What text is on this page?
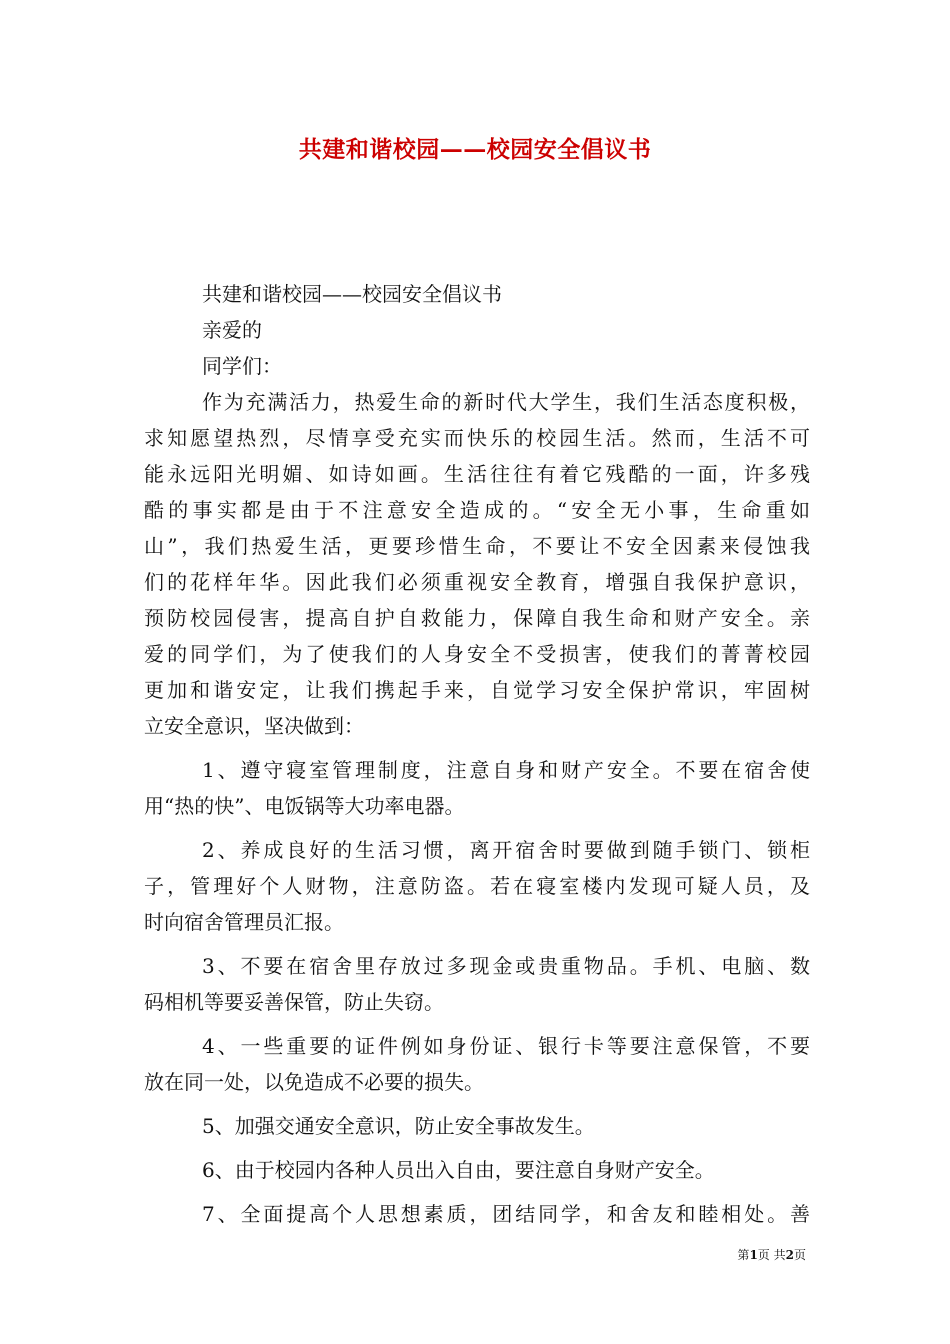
共建和谐校园——校园安全倡议书
共建和谐校园——校园安全倡议书
亲爱的
同学们：
作为充满活力，热爱生命的新时代大学生，我们生活态度积极，
求知愿望热烈，尽情享受充实而快乐的校园生活。然而，生活不可
能永远阳光明媚、如诗如画。生活往往有着它残酷的一面，许多残
酷的事实都是由于不注意安全造成的。“安全无小事，生命重如
山”，我们热爱生活，更要珍惜生命，不要让不安全因素来侵蚀我
们的花样年华。因此我们必须重视安全教育，增强自我保护意识，
预防校园侵害，提高自护自救能力，保障自我生命和财产安全。亲
爱的同学们，为了使我们的人身安全不受损害，使我们的菁菁校园
更加和谐安定，让我们携起手来，自觉学习安全保护常识，牢固树
立安全意识，坚决做到：
1、遵守寝室管理制度，注意自身和财产安全。不要在宿舍使
用“热的快”、电饭锅等大功率电器。
2、养成良好的生活习惯，离开宿舍时要做到随手锁门、锁柜
子，管理好个人财物，注意防盗。若在寝室楼内发现可疑人员，及
时向宿舍管理员汇报。
3、不要在宿舍里存放过多现金或贵重物品。手机、电脑、数
码相机等要妥善保管，防止失窃。
4、一些重要的证件例如身份证、银行卡等要注意保管，不要
放在同一处，以免造成不必要的损失。
5、加强交通安全意识，防止安全事故发生。
6、由于校园内各种人员出入自由，要注意自身财产安全。
7、全面提高个人思想素质，团结同学，和舍友和睦相处。善
第1页 共2页
